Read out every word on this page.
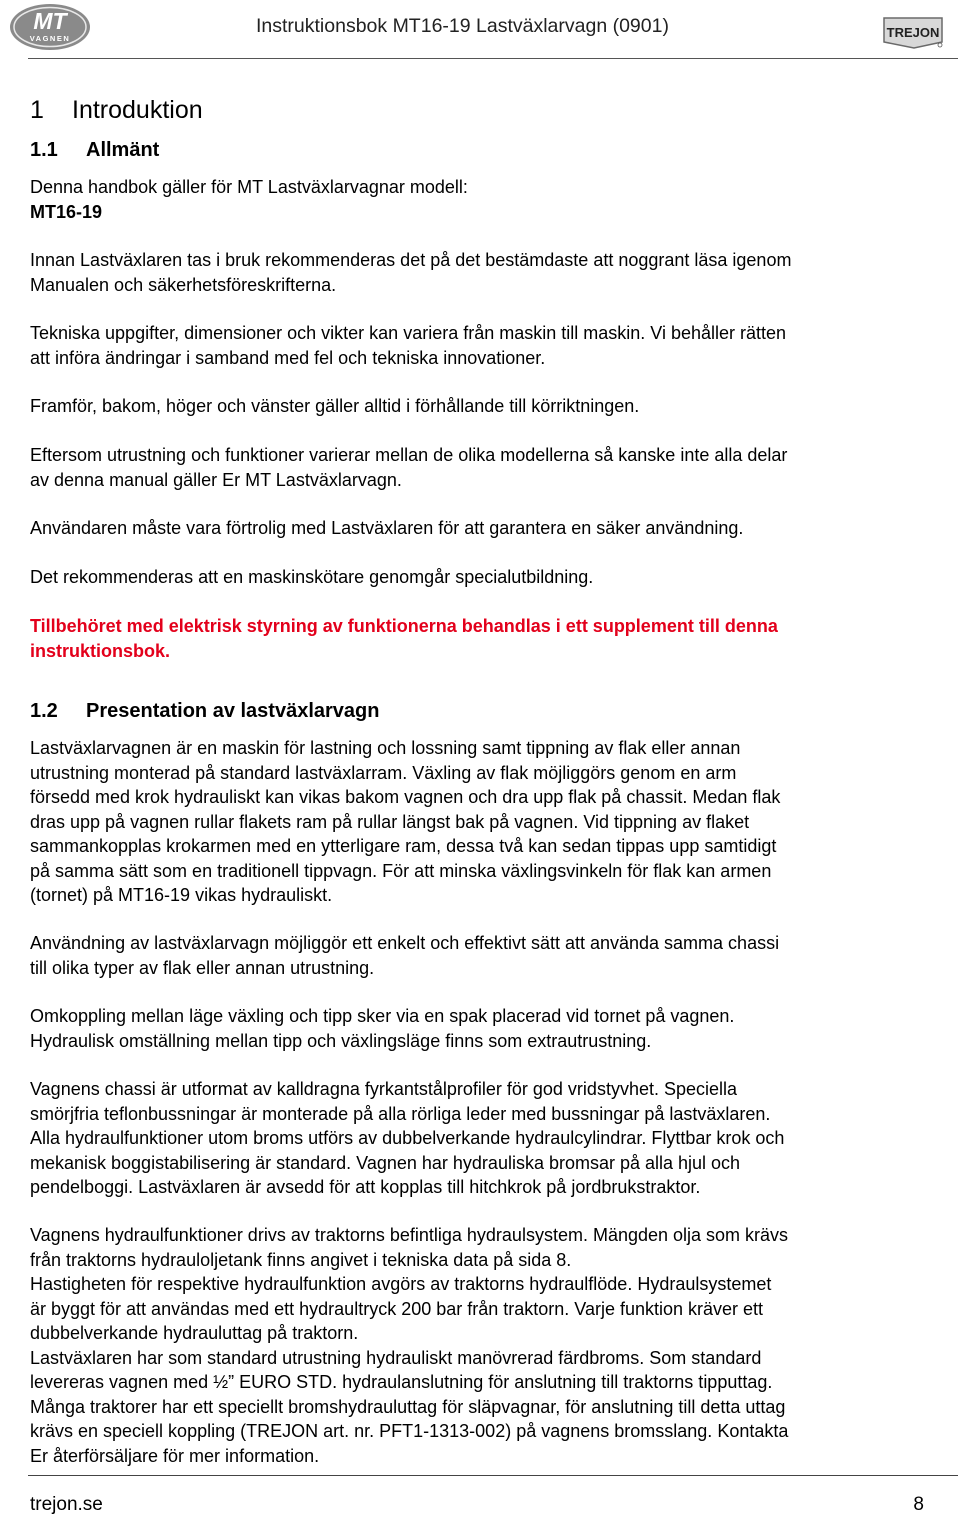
MT
VAGNEN
Instruktionsbok MT16-19 Lastväxlarvagn (0901)	TREJON
1 Introduktion
1.1 Allmänt
Denna handbok gäller för MT Lastväxlarvagnar modell:
MT16-19
Innan Lastväxlaren tas i bruk rekommenderas det på det bestämdaste att noggrant läsa igenom
Manualen och säkerhetsföreskrifterna.
Tekniska uppgifter, dimensioner och vikter kan variera från maskin till maskin. Vi behåller rätten
att införa ändringar i samband med fel och tekniska innovationer.
Framför, bakom, höger och vänster gäller alltid i förhållande till körriktningen.
Eftersom utrustning och funktioner varierar mellan de olika modellerna så kanske inte alla delar
av denna manual gäller Er MT Lastväxlarvagn.
Användaren måste vara förtrolig med Lastväxlaren för att garantera en säker användning.
Det rekommenderas att en maskinskötare genomgår specialutbildning.
Tillbehöret med elektrisk styrning av funktionerna behandlas i ett supplement till denna
instruktionsbok.
1.2 Presentation av lastväxlarvagn
Lastväxlarvagnen är en maskin för lastning och lossning samt tippning av flak eller annan
utrustning monterad på standard lastväxlarram. Växling av flak möjliggörs genom en arm
försedd med krok hydrauliskt kan vikas bakom vagnen och dra upp flak på chassit. Medan flak
dras upp på vagnen rullar flakets ram på rullar längst bak på vagnen. Vid tippning av flaket
sammankopplas krokarmen med en ytterligare ram, dessa två kan sedan tippas upp samtidigt
på samma sätt som en traditionell tippvagn. För att minska växlingsvinkeln för flak kan armen
(tornet) på MT16-19 vikas hydrauliskt.
Användning av lastväxlarvagn möjliggör ett enkelt och effektivt sätt att använda samma chassi
till olika typer av flak eller annan utrustning.
Omkoppling mellan läge växling och tipp sker via en spak placerad vid tornet på vagnen.
Hydraulisk omställning mellan tipp och växlingsläge finns som extrautrustning.
Vagnens chassi är utformat av kalldragna fyrkantstålprofiler för god vridstyvhet. Speciella
smörjfria teflonbussningar är monterade på alla rörliga leder med bussningar på lastväxlaren.
Alla hydraulfunktioner utom broms utförs av dubbelverkande hydraulcylindrar. Flyttbar krok och
mekanisk boggistabilisering är standard. Vagnen har hydrauliska bromsar på alla hjul och
pendelboggi. Lastväxlaren är avsedd för att kopplas till hitchkrok på jordbrukstraktor.
Vagnens hydraulfunktioner drivs av traktorns befintliga hydraulsystem. Mängden olja som krävs
från traktorns hydrauloljetank finns angivet i tekniska data på sida 8.
Hastigheten för respektive hydraulfunktion avgörs av traktorns hydraulflöde. Hydraulsystemet
är byggt för att användas med ett hydraultryck 200 bar från traktorn. Varje funktion kräver ett
dubbelverkande hydrauluttag på traktorn.
Lastväxlaren har som standard utrustning hydrauliskt manövrerad färdbroms. Som standard
levereras vagnen med ½” EURO STD. hydraulanslutning för anslutning till traktorns tipputtag.
Många traktorer har ett speciellt bromshydrauluttag för släpvagnar, för anslutning till detta uttag
krävs en speciell koppling (TREJON art. nr. PFT1-1313-002) på vagnens bromsslang. Kontakta
Er återförsäljare för mer information.
trejon.se	8
